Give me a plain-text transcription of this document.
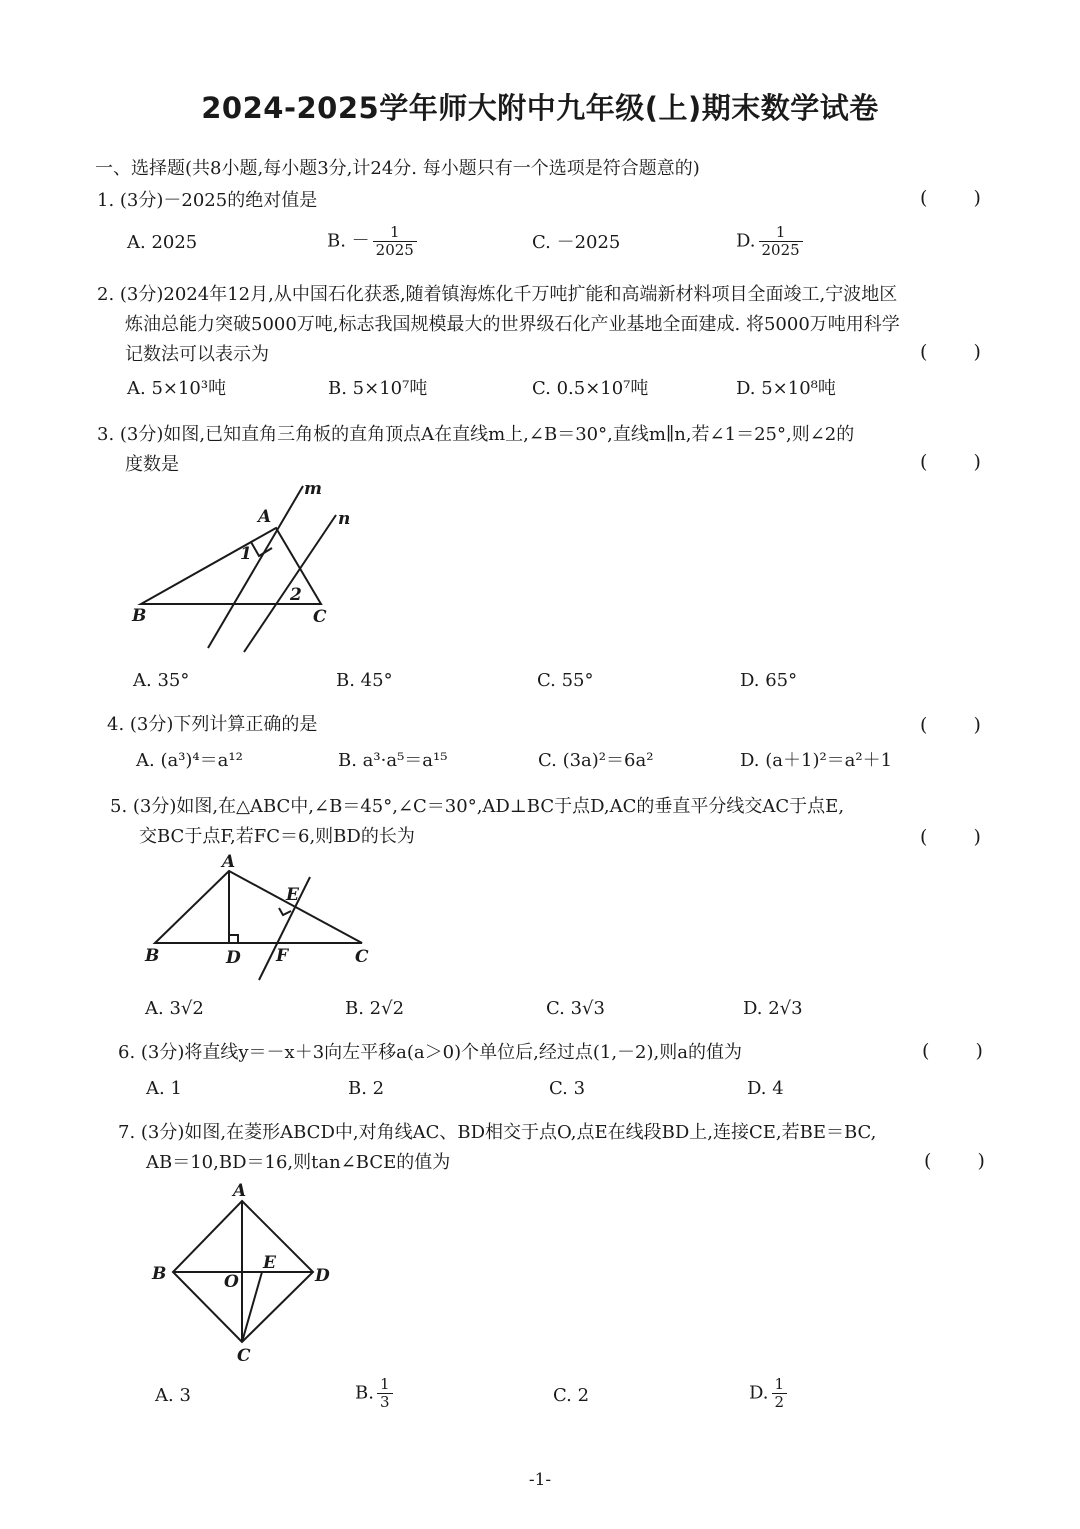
2024-2025学年师大附中九年级(上)期末数学试卷
一、选择题(共8小题,每小题3分,计24分. 每小题只有一个选项是符合题意的)
1. (3分)－2025的绝对值是	( )
A. 2025	B. － $\frac{1}{2025}$	C. －2025	D. $\frac{1}{2025}$
2. (3分)2024年12月,从中国石化获悉,随着镇海炼化千万吨扩能和高端新材料项目全面竣工,宁波地区
炼油总能力突破5000万吨,标志我国规模最大的世界级石化产业基地全面建成. 将5000万吨用科学
记数法可以表示为	( )
A. 5×10³吨	B. 5×10⁷吨	C. 0.5×10⁷吨	D. 5×10⁸吨
3. (3分)如图,已知直角三角板的直角顶点A在直线m上,∠B＝30°,直线m∥n,若∠1＝25°,则∠2的
度数是	( )
m
n
A
B	C
1
2
A. 35°	B. 45°	C. 55°	D. 65°
4. (3分)下列计算正确的是	( )
A. (a³)⁴＝a¹²	B. a³·a⁵＝a¹⁵	C. (3a)²＝6a²	D. (a＋1)²＝a²＋1
5. (3分)如图,在△ABC中,∠B＝45°,∠C＝30°,AD⊥BC于点D,AC的垂直平分线交AC于点E,
交BC于点F,若FC＝6,则BD的长为	( )
A
B	D
E
F	C
A. 3√2	B. 2√2	C. 3√3	D. 2√3
6. (3分)将直线y＝－x＋3向左平移a(a＞0)个单位后,经过点(1,－2),则a的值为	( )
A. 1	B. 2	C. 3	D. 4
7. (3分)如图,在菱形ABCD中,对角线AC、BD相交于点O,点E在线段BD上,连接CE,若BE＝BC,
AB＝10,BD＝16,则tan∠BCE的值为	( )
A
B	D
C
O
E
A. 3	B. $\frac{1}{3}$	C. 2	D. $\frac{1}{2}$
-1-
